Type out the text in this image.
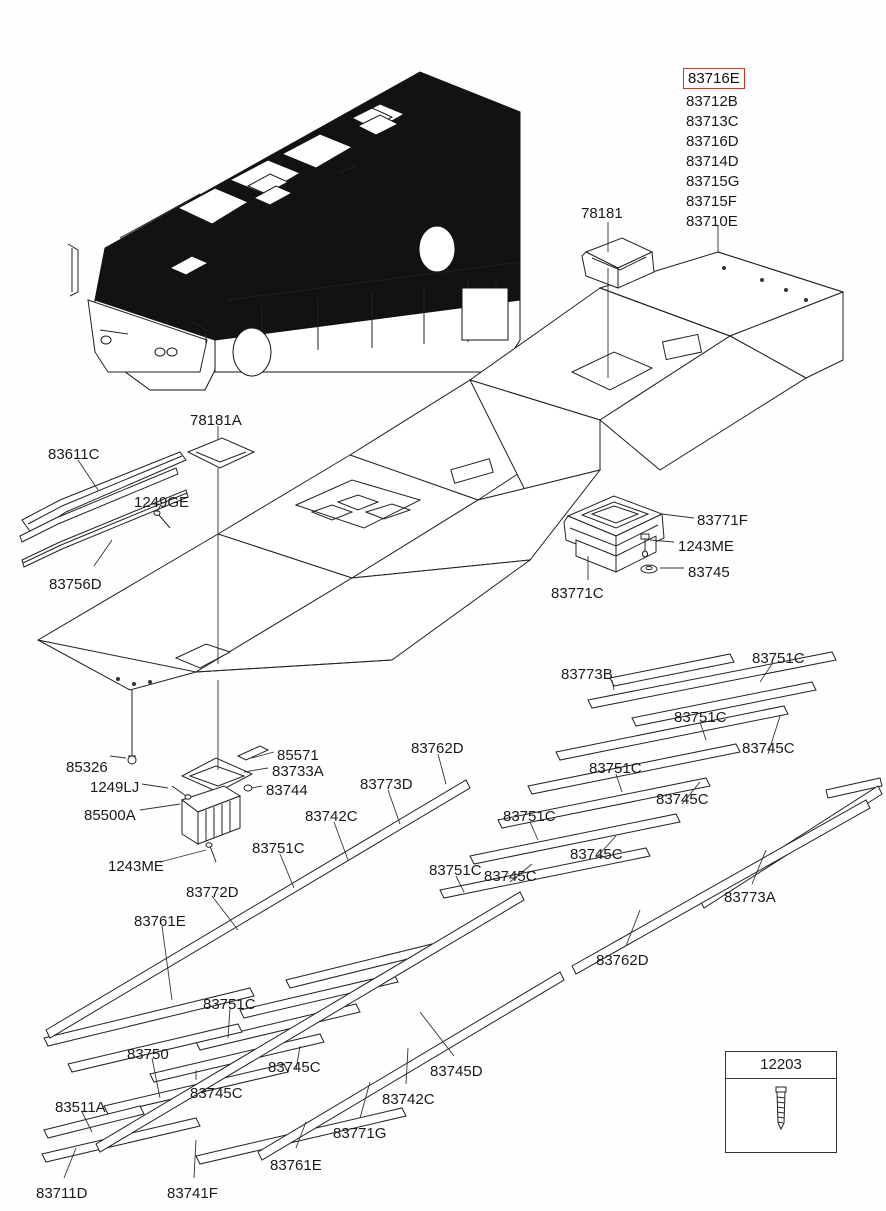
83716E
83712B
83713C
83716D
83714D
83715G
83715F
83710E
78181
78181A
83611C
1249GE
83756D
83771F
1243ME
83745
83771C
83773B
83751C
83751C
83745C
83762D
83751C
83745C
83773D
83751C
83745C
85326
85571
83733A
83744
1249LJ
85500A	83742C
83751C
83751C 83745C
1243ME
83772D	83773A
83761E
83762D
83751C
83745C
83750
83745C
83745D
83742C
83511A
83771G
83761E
83741F
83711D
12203
